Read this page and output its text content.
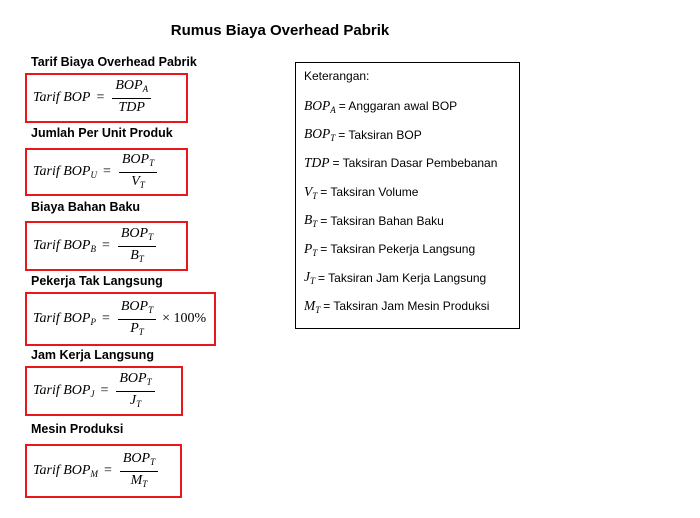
Rumus Biaya Overhead Pabrik
Tarif Biaya Overhead Pabrik
Tarif BOP = $\frac{BOP_A}{\text{TDP}}$
Jumlah Per Unit Produk
Tarif $BOP_U = \frac{BOP_T}{V_T}$
Biaya Bahan Baku
Tarif $BOP_B = \frac{BOP_T}{B_T}$
Pekerja Tak Langsung
Tarif $BOP_P = \frac{BOP_T}{P_T} \times 100\%$
Jam Kerja Langsung
Tarif $BOP_J = \frac{BOP_T}{J_T}$
Mesin Produksi
Tarif $BOP_M = \frac{BOP_T}{M_T}$
Keterangan:
$BOP_A$ = Anggaran awal BOP
$BOP_T$ = Taksiran BOP
TDP = Taksiran Dasar Pembebanan
$V_T$ = Taksiran Volume
$B_T$ = Taksiran Bahan Baku
$P_T$ = Taksiran Pekerja Langsung
$J_T$ = Taksiran Jam Kerja Langsung
$M_T$ = Taksiran Jam Mesin Produksi
